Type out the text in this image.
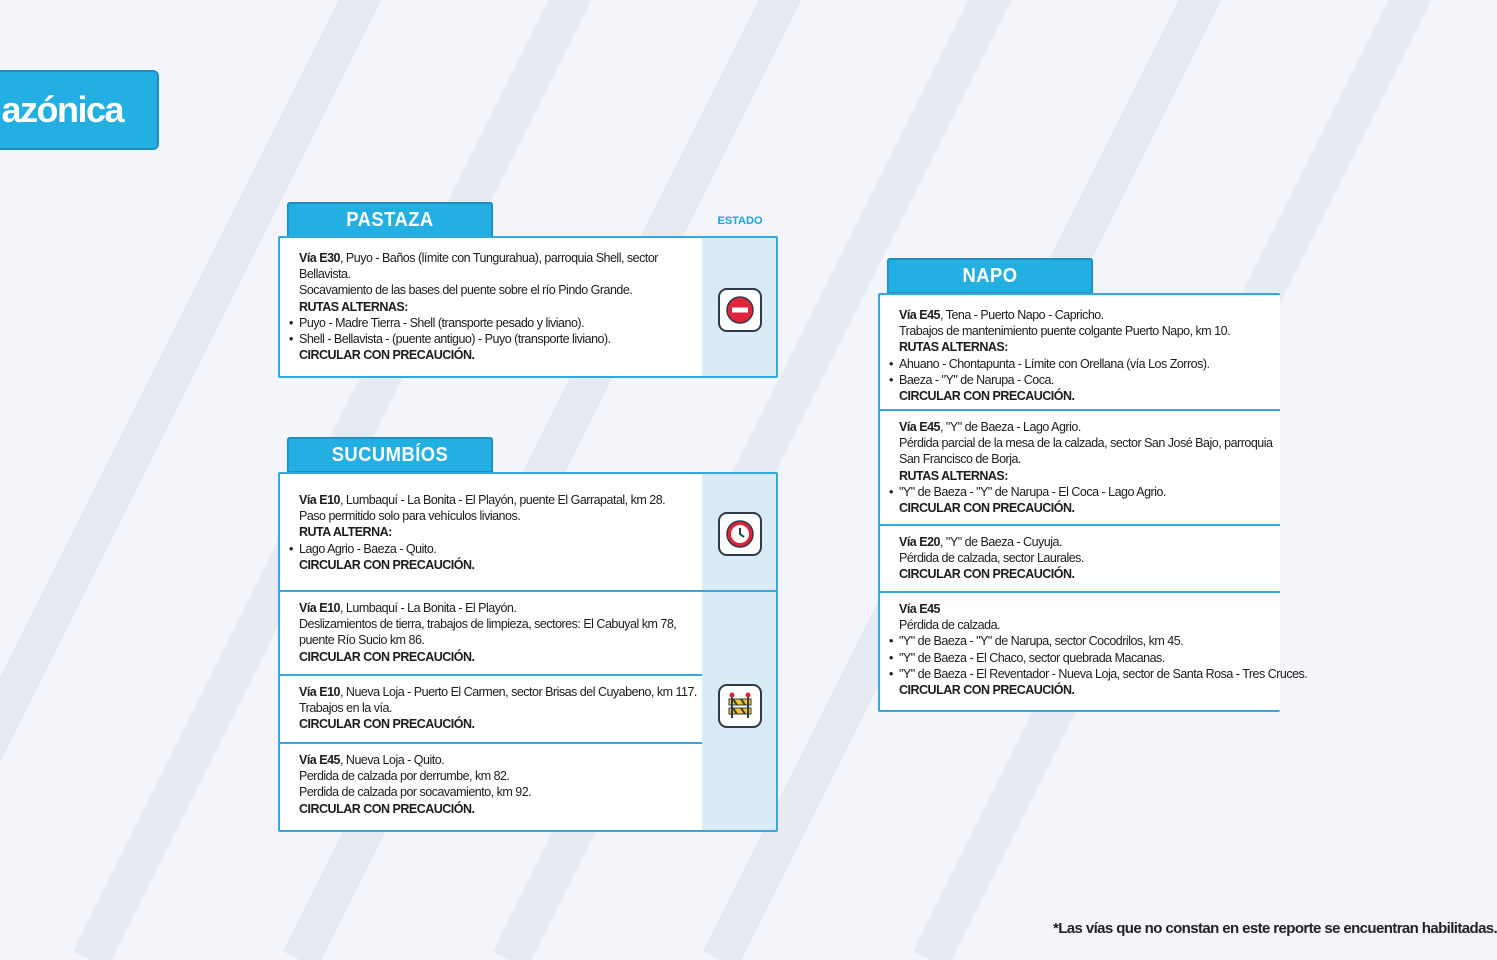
azónica
PASTAZA	ESTADO
Vía E30, Puyo - Baños (límite con Tungurahua), parroquia Shell, sector
Bellavista.
Socavamiento de las bases del puente sobre el río Pindo Grande.
RUTAS ALTERNAS:
• Puyo - Madre Tierra - Shell (transporte pesado y liviano).
• Shell - Bellavista - (puente antiguo) - Puyo (transporte liviano).
CIRCULAR CON PRECAUCIÓN.
SUCUMBÍOS
Vía E10, Lumbaquí - La Bonita - El Playón, puente El Garrapatal, km 28.
Paso permitido solo para vehículos livianos.
RUTA ALTERNA:
• Lago Agrio - Baeza - Quito.
CIRCULAR CON PRECAUCIÓN.
Vía E10, Lumbaquí - La Bonita - El Playón.
Deslizamientos de tierra, trabajos de limpieza, sectores: El Cabuyal km 78,
puente Río Sucio km 86.
CIRCULAR CON PRECAUCIÓN.
Vía E10, Nueva Loja - Puerto El Carmen, sector Brisas del Cuyabeno, km 117.
Trabajos en la vía.
CIRCULAR CON PRECAUCIÓN.
Vía E45, Nueva Loja - Quito.
Perdida de calzada por derrumbe, km 82.
Perdida de calzada por socavamiento, km 92.
CIRCULAR CON PRECAUCIÓN.
NAPO
Vía E45, Tena - Puerto Napo - Capricho.
Trabajos de mantenimiento puente colgante Puerto Napo, km 10.
RUTAS ALTERNAS:
• Ahuano - Chontapunta - Límite con Orellana (vía Los Zorros).
• Baeza - "Y" de Narupa - Coca.
CIRCULAR CON PRECAUCIÓN.
Vía E45, "Y" de Baeza - Lago Agrio.
Pérdida parcial de la mesa de la calzada, sector San José Bajo, parroquia
San Francisco de Borja.
RUTAS ALTERNAS:
• "Y" de Baeza - "Y" de Narupa - El Coca - Lago Agrio.
CIRCULAR CON PRECAUCIÓN.
Vía E20, "Y" de Baeza - Cuyuja.
Pérdida de calzada, sector Laurales.
CIRCULAR CON PRECAUCIÓN.
Vía E45
Pérdida de calzada.
• "Y" de Baeza - "Y" de Narupa, sector Cocodrilos, km 45.
• "Y" de Baeza - El Chaco, sector quebrada Macanas.
• "Y" de Baeza - El Reventador - Nueva Loja, sector de Santa Rosa - Tres Cruces.
CIRCULAR CON PRECAUCIÓN.
*Las vías que no constan en este reporte se encuentran habilitadas.
